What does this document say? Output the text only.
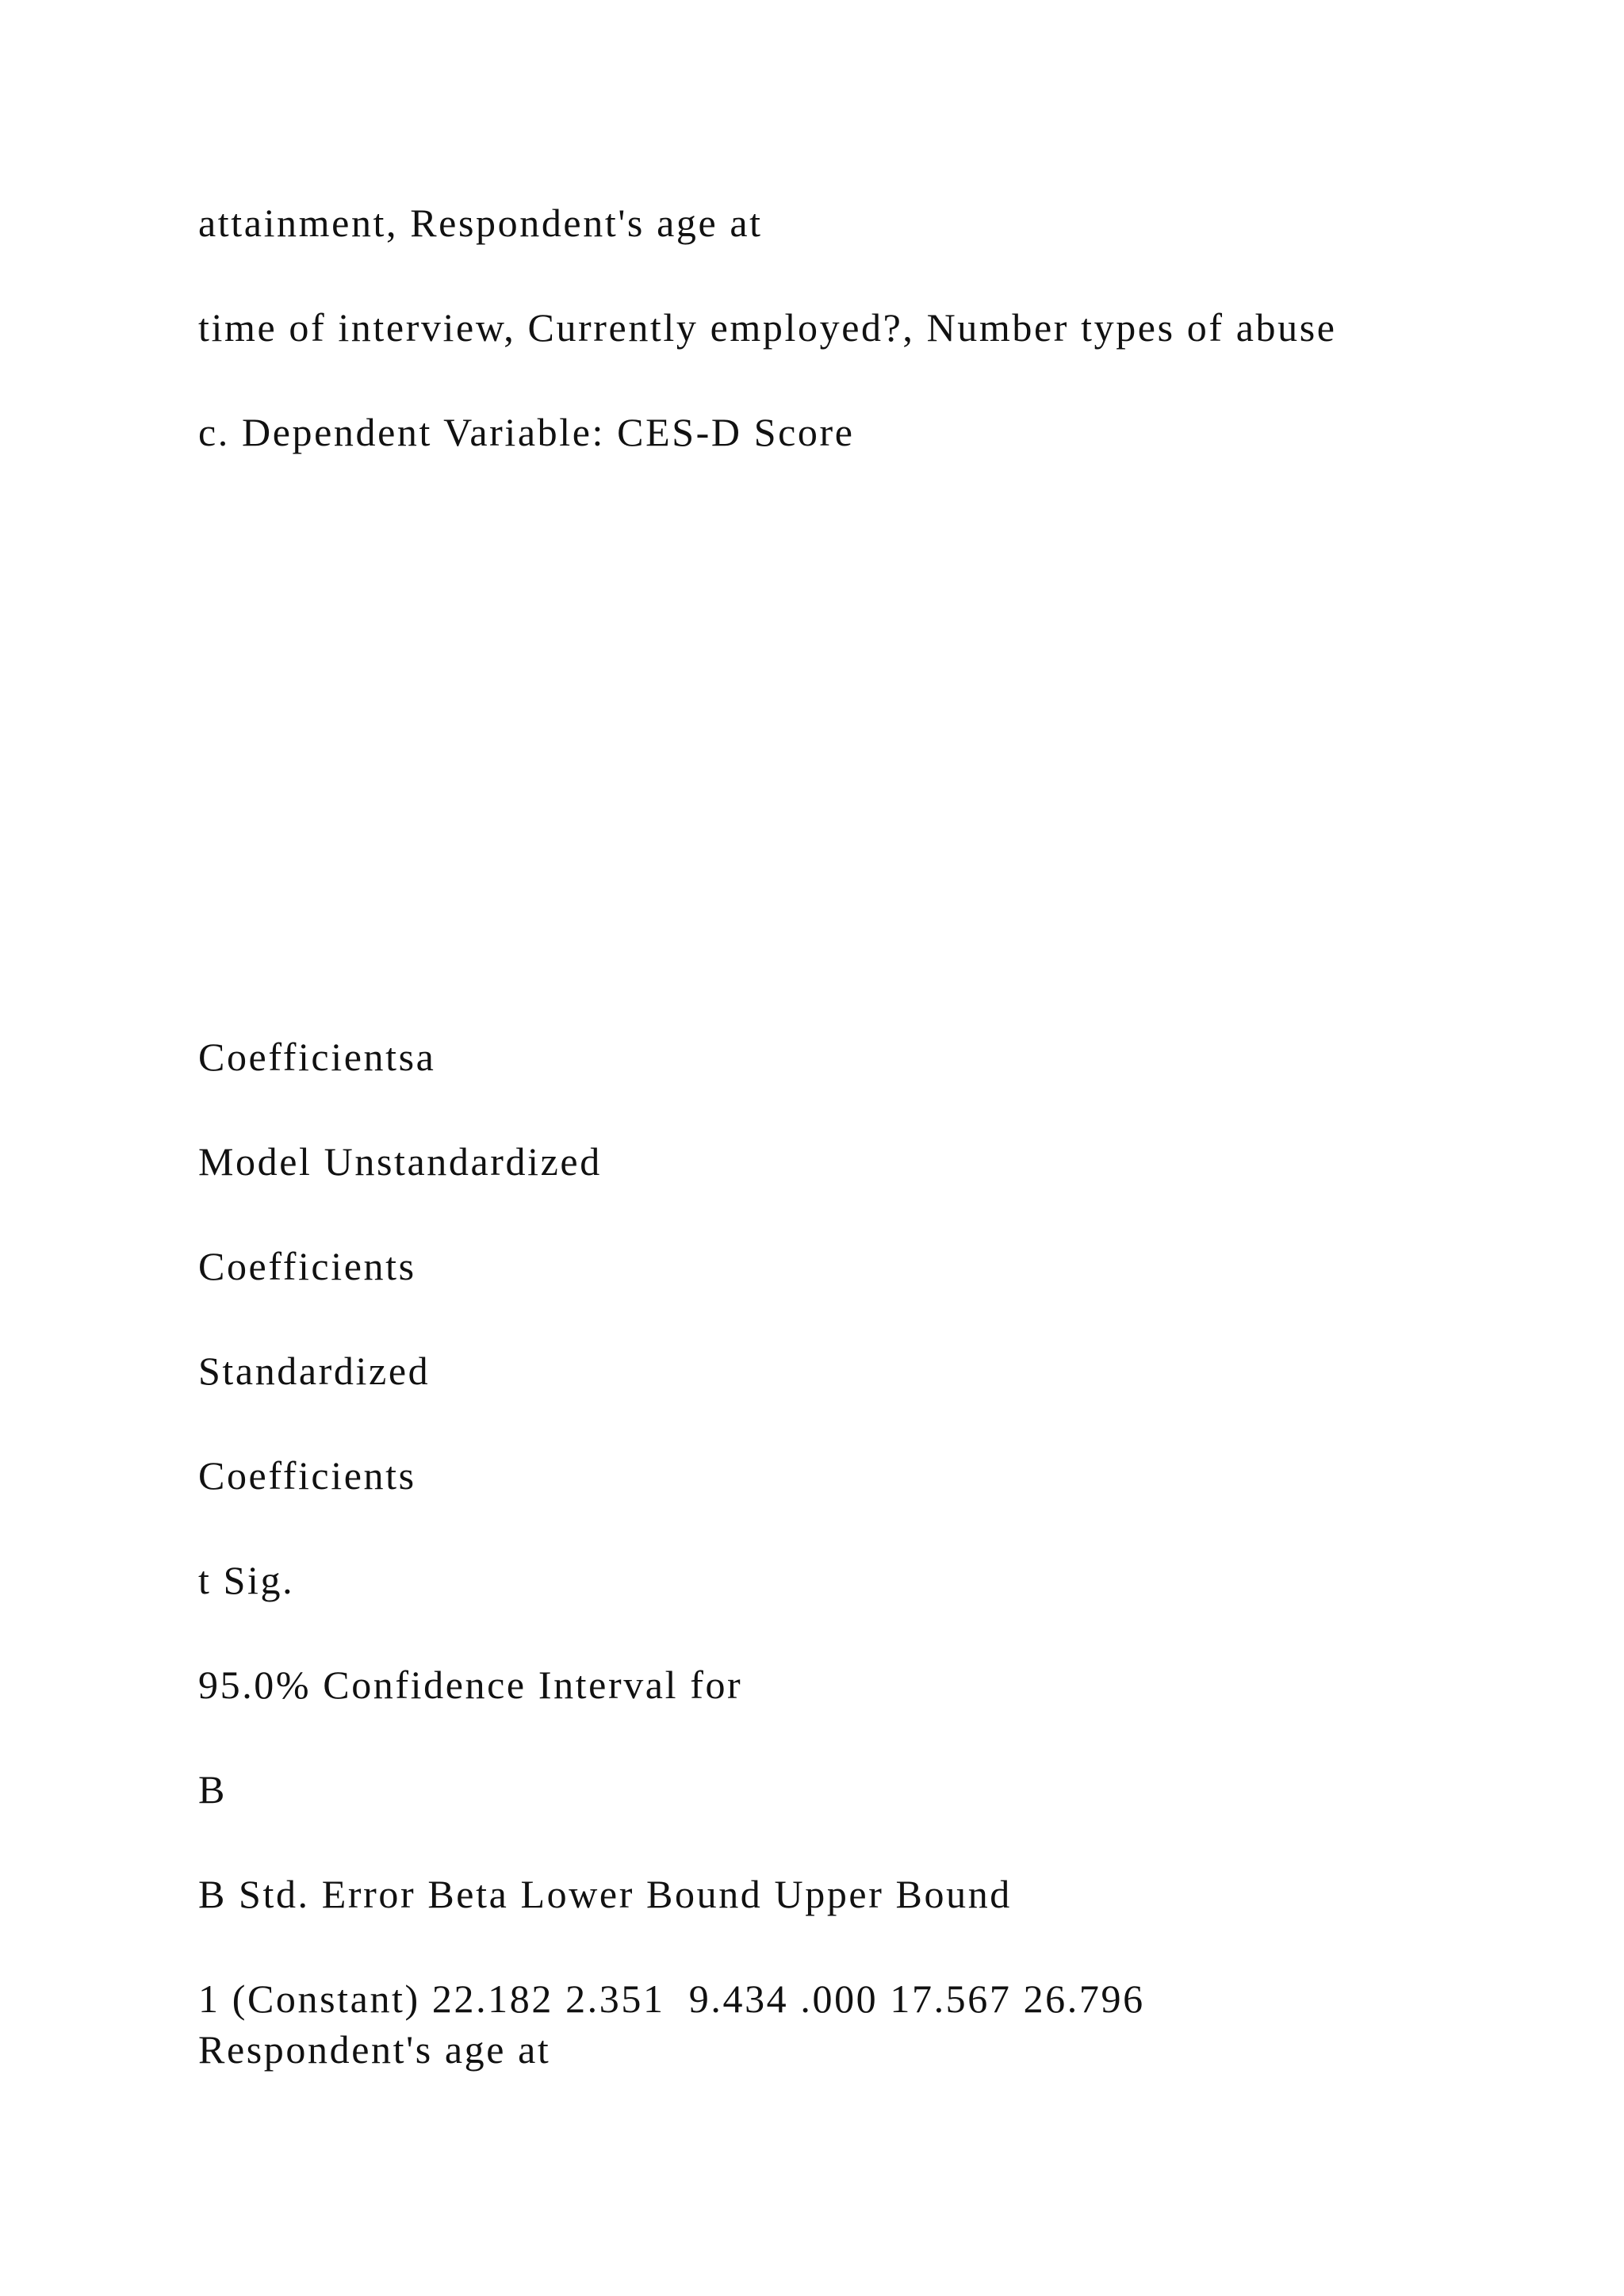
attainment, Respondent's age at

time of interview, Currently employed?, Number types of abuse

c. Dependent Variable: CES-D Score

Coefficientsa

Model Unstandardized

Coefficients

Standardized

Coefficients

t Sig.

95.0% Confidence Interval for

B

B Std. Error Beta Lower Bound Upper Bound

1 (Constant) 22.182 2.351  9.434 .000 17.567 26.796

Respondent's age at
